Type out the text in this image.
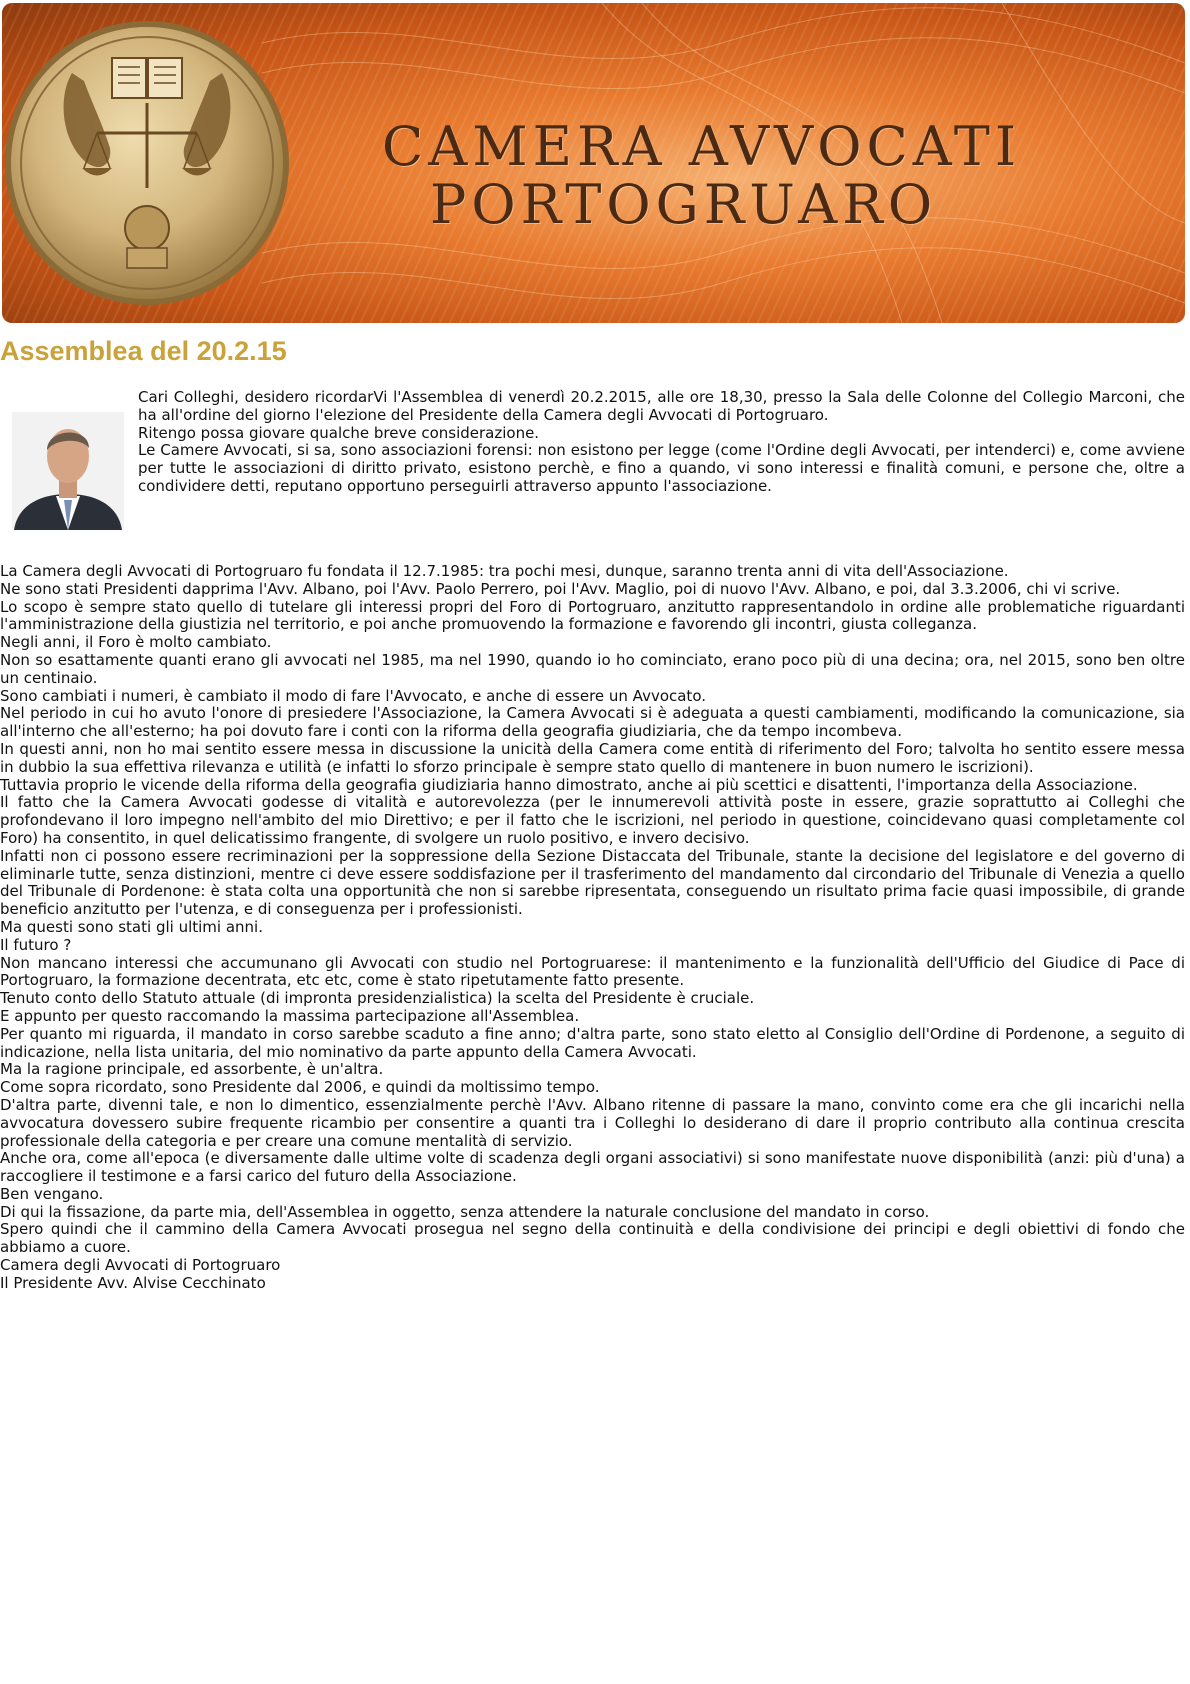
CAMERA AVVOCATI
PORTOGRUARO
Assemblea del 20.2.15

Cari Colleghi, desidero ricordarVi l'Assemblea di venerdì 20.2.2015, alle ore 18,30, presso la Sala delle Colonne del Collegio Marconi, che ha all'ordine del giorno l'elezione del Presidente della Camera degli Avvocati di Portogruaro.

Ritengo possa giovare qualche breve considerazione.

Le Camere Avvocati, si sa, sono associazioni forensi: non esistono per legge (come l'Ordine degli Avvocati, per intenderci) e, come avviene per tutte le associazioni di diritto privato, esistono perchè, e fino a quando, vi sono interessi e finalità comuni, e persone che, oltre a condividere detti, reputano opportuno perseguirli attraverso appunto l'associazione.

La Camera degli Avvocati di Portogruaro fu fondata il 12.7.1985: tra pochi mesi, dunque, saranno trenta anni di vita dell'Associazione.

Ne sono stati Presidenti dapprima l'Avv. Albano, poi l'Avv. Paolo Perrero, poi l'Avv. Maglio, poi di nuovo l'Avv. Albano, e poi, dal 3.3.2006, chi vi scrive.

Lo scopo è sempre stato quello di tutelare gli interessi propri del Foro di Portogruaro, anzitutto rappresentandolo in ordine alle problematiche riguardanti l'amministrazione della giustizia nel territorio, e poi anche promuovendo la formazione e favorendo gli incontri, giusta colleganza.

Negli anni, il Foro è molto cambiato.

Non so esattamente quanti erano gli avvocati nel 1985, ma nel 1990, quando io ho cominciato, erano poco più di una decina; ora, nel 2015, sono ben oltre un centinaio.

Sono cambiati i numeri, è cambiato il modo di fare l'Avvocato, e anche di essere un Avvocato.

Nel periodo in cui ho avuto l'onore di presiedere l'Associazione, la Camera Avvocati si è adeguata a questi cambiamenti, modificando la comunicazione, sia all'interno che all'esterno; ha poi dovuto fare i conti con la riforma della geografia giudiziaria, che da tempo incombeva.

In questi anni, non ho mai sentito essere messa in discussione la unicità della Camera come entità di riferimento del Foro; talvolta ho sentito essere messa in dubbio la sua effettiva rilevanza e utilità (e infatti lo sforzo principale è sempre stato quello di mantenere in buon numero le iscrizioni).

Tuttavia proprio le vicende della riforma della geografia giudiziaria hanno dimostrato, anche ai più scettici e disattenti, l'importanza della Associazione.

Il fatto che la Camera Avvocati godesse di vitalità e autorevolezza (per le innumerevoli attività poste in essere, grazie soprattutto ai Colleghi che profondevano il loro impegno nell'ambito del mio Direttivo; e per il fatto che le iscrizioni, nel periodo in questione, coincidevano quasi completamente col Foro) ha consentito, in quel delicatissimo frangente, di svolgere un ruolo positivo, e invero decisivo.

Infatti non ci possono essere recriminazioni per la soppressione della Sezione Distaccata del Tribunale, stante la decisione del legislatore e del governo di eliminarle tutte, senza distinzioni, mentre ci deve essere soddisfazione per il trasferimento del mandamento dal circondario del Tribunale di Venezia a quello del Tribunale di Pordenone: è stata colta una opportunità che non si sarebbe ripresentata, conseguendo un risultato prima facie quasi impossibile, di grande beneficio anzitutto per l'utenza, e di conseguenza per i professionisti.

Ma questi sono stati gli ultimi anni.

Il futuro ?

Non mancano interessi che accumunano gli Avvocati con studio nel Portogruarese: il mantenimento e la funzionalità dell'Ufficio del Giudice di Pace di Portogruaro, la formazione decentrata, etc etc, come è stato ripetutamente fatto presente.

Tenuto conto dello Statuto attuale (di impronta presidenzialistica) la scelta del Presidente è cruciale.

E appunto per questo raccomando la massima partecipazione all'Assemblea.

Per quanto mi riguarda, il mandato in corso sarebbe scaduto a fine anno; d'altra parte, sono stato eletto al Consiglio dell'Ordine di Pordenone, a seguito di indicazione, nella lista unitaria, del mio nominativo da parte appunto della Camera Avvocati.

Ma la ragione principale, ed assorbente, è un'altra.

Come sopra ricordato, sono Presidente dal 2006, e quindi da moltissimo tempo.

D'altra parte, divenni tale, e non lo dimentico, essenzialmente perchè l'Avv. Albano ritenne di passare la mano, convinto come era che gli incarichi nella avvocatura dovessero subire frequente ricambio per consentire a quanti tra i Colleghi lo desiderano di dare il proprio contributo alla continua crescita professionale della categoria e per creare una comune mentalità di servizio.

Anche ora, come all'epoca (e diversamente dalle ultime volte di scadenza degli organi associativi) si sono manifestate nuove disponibilità (anzi: più d'una) a raccogliere il testimone e a farsi carico del futuro della Associazione.

Ben vengano.

Di qui la fissazione, da parte mia, dell'Assemblea in oggetto, senza attendere la naturale conclusione del mandato in corso.

Spero quindi che il cammino della Camera Avvocati prosegua nel segno della continuità e della condivisione dei principi e degli obiettivi di fondo che abbiamo a cuore.

Camera degli Avvocati di Portogruaro

Il Presidente Avv. Alvise Cecchinato
